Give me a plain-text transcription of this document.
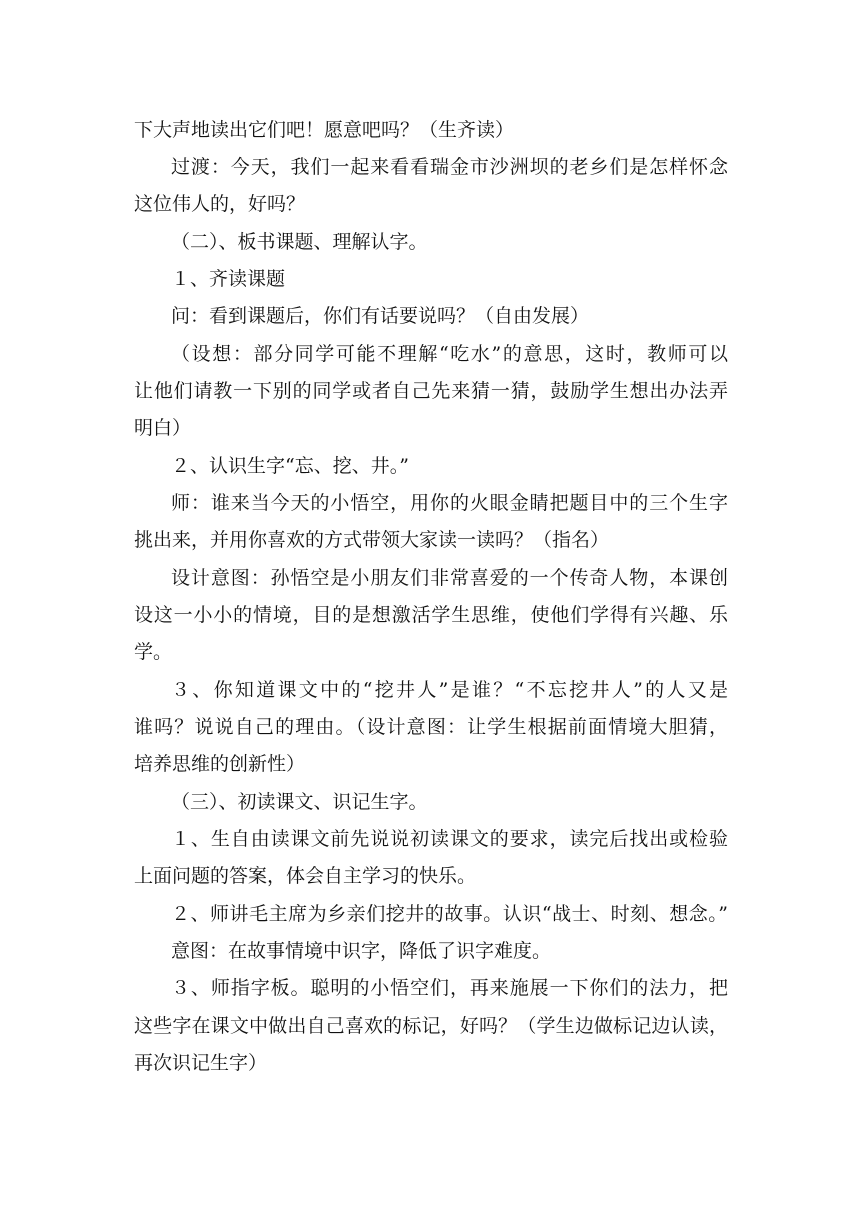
下大声地读出它们吧！愿意吧吗？（生齐读）
过渡：今天，我们一起来看看瑞金市沙洲坝的老乡们是怎样怀念
这位伟人的，好吗？
（二）、板书课题、理解认字。
１、齐读课题
问：看到课题后，你们有话要说吗？（自由发展）
（设想：部分同学可能不理解“吃水”的意思，这时，教师可以
让他们请教一下别的同学或者自己先来猜一猜，鼓励学生想出办法弄
明白）
２、认识生字“忘、挖、井。”
师：谁来当今天的小悟空，用你的火眼金睛把题目中的三个生字
挑出来，并用你喜欢的方式带领大家读一读吗？（指名）
设计意图：孙悟空是小朋友们非常喜爱的一个传奇人物，本课创
设这一小小的情境，目的是想激活学生思维，使他们学得有兴趣、乐
学。
３、你知道课文中的“挖井人”是谁？“不忘挖井人”的人又是
谁吗？说说自己的理由。（设计意图：让学生根据前面情境大胆猜，
培养思维的创新性）
（三）、初读课文、识记生字。
１、生自由读课文前先说说初读课文的要求，读完后找出或检验
上面问题的答案，体会自主学习的快乐。
２、师讲毛主席为乡亲们挖井的故事。认识“战士、时刻、想念。”
意图：在故事情境中识字，降低了识字难度。
３、师指字板。聪明的小悟空们，再来施展一下你们的法力，把
这些字在课文中做出自己喜欢的标记，好吗？（学生边做标记边认读，
再次识记生字）
